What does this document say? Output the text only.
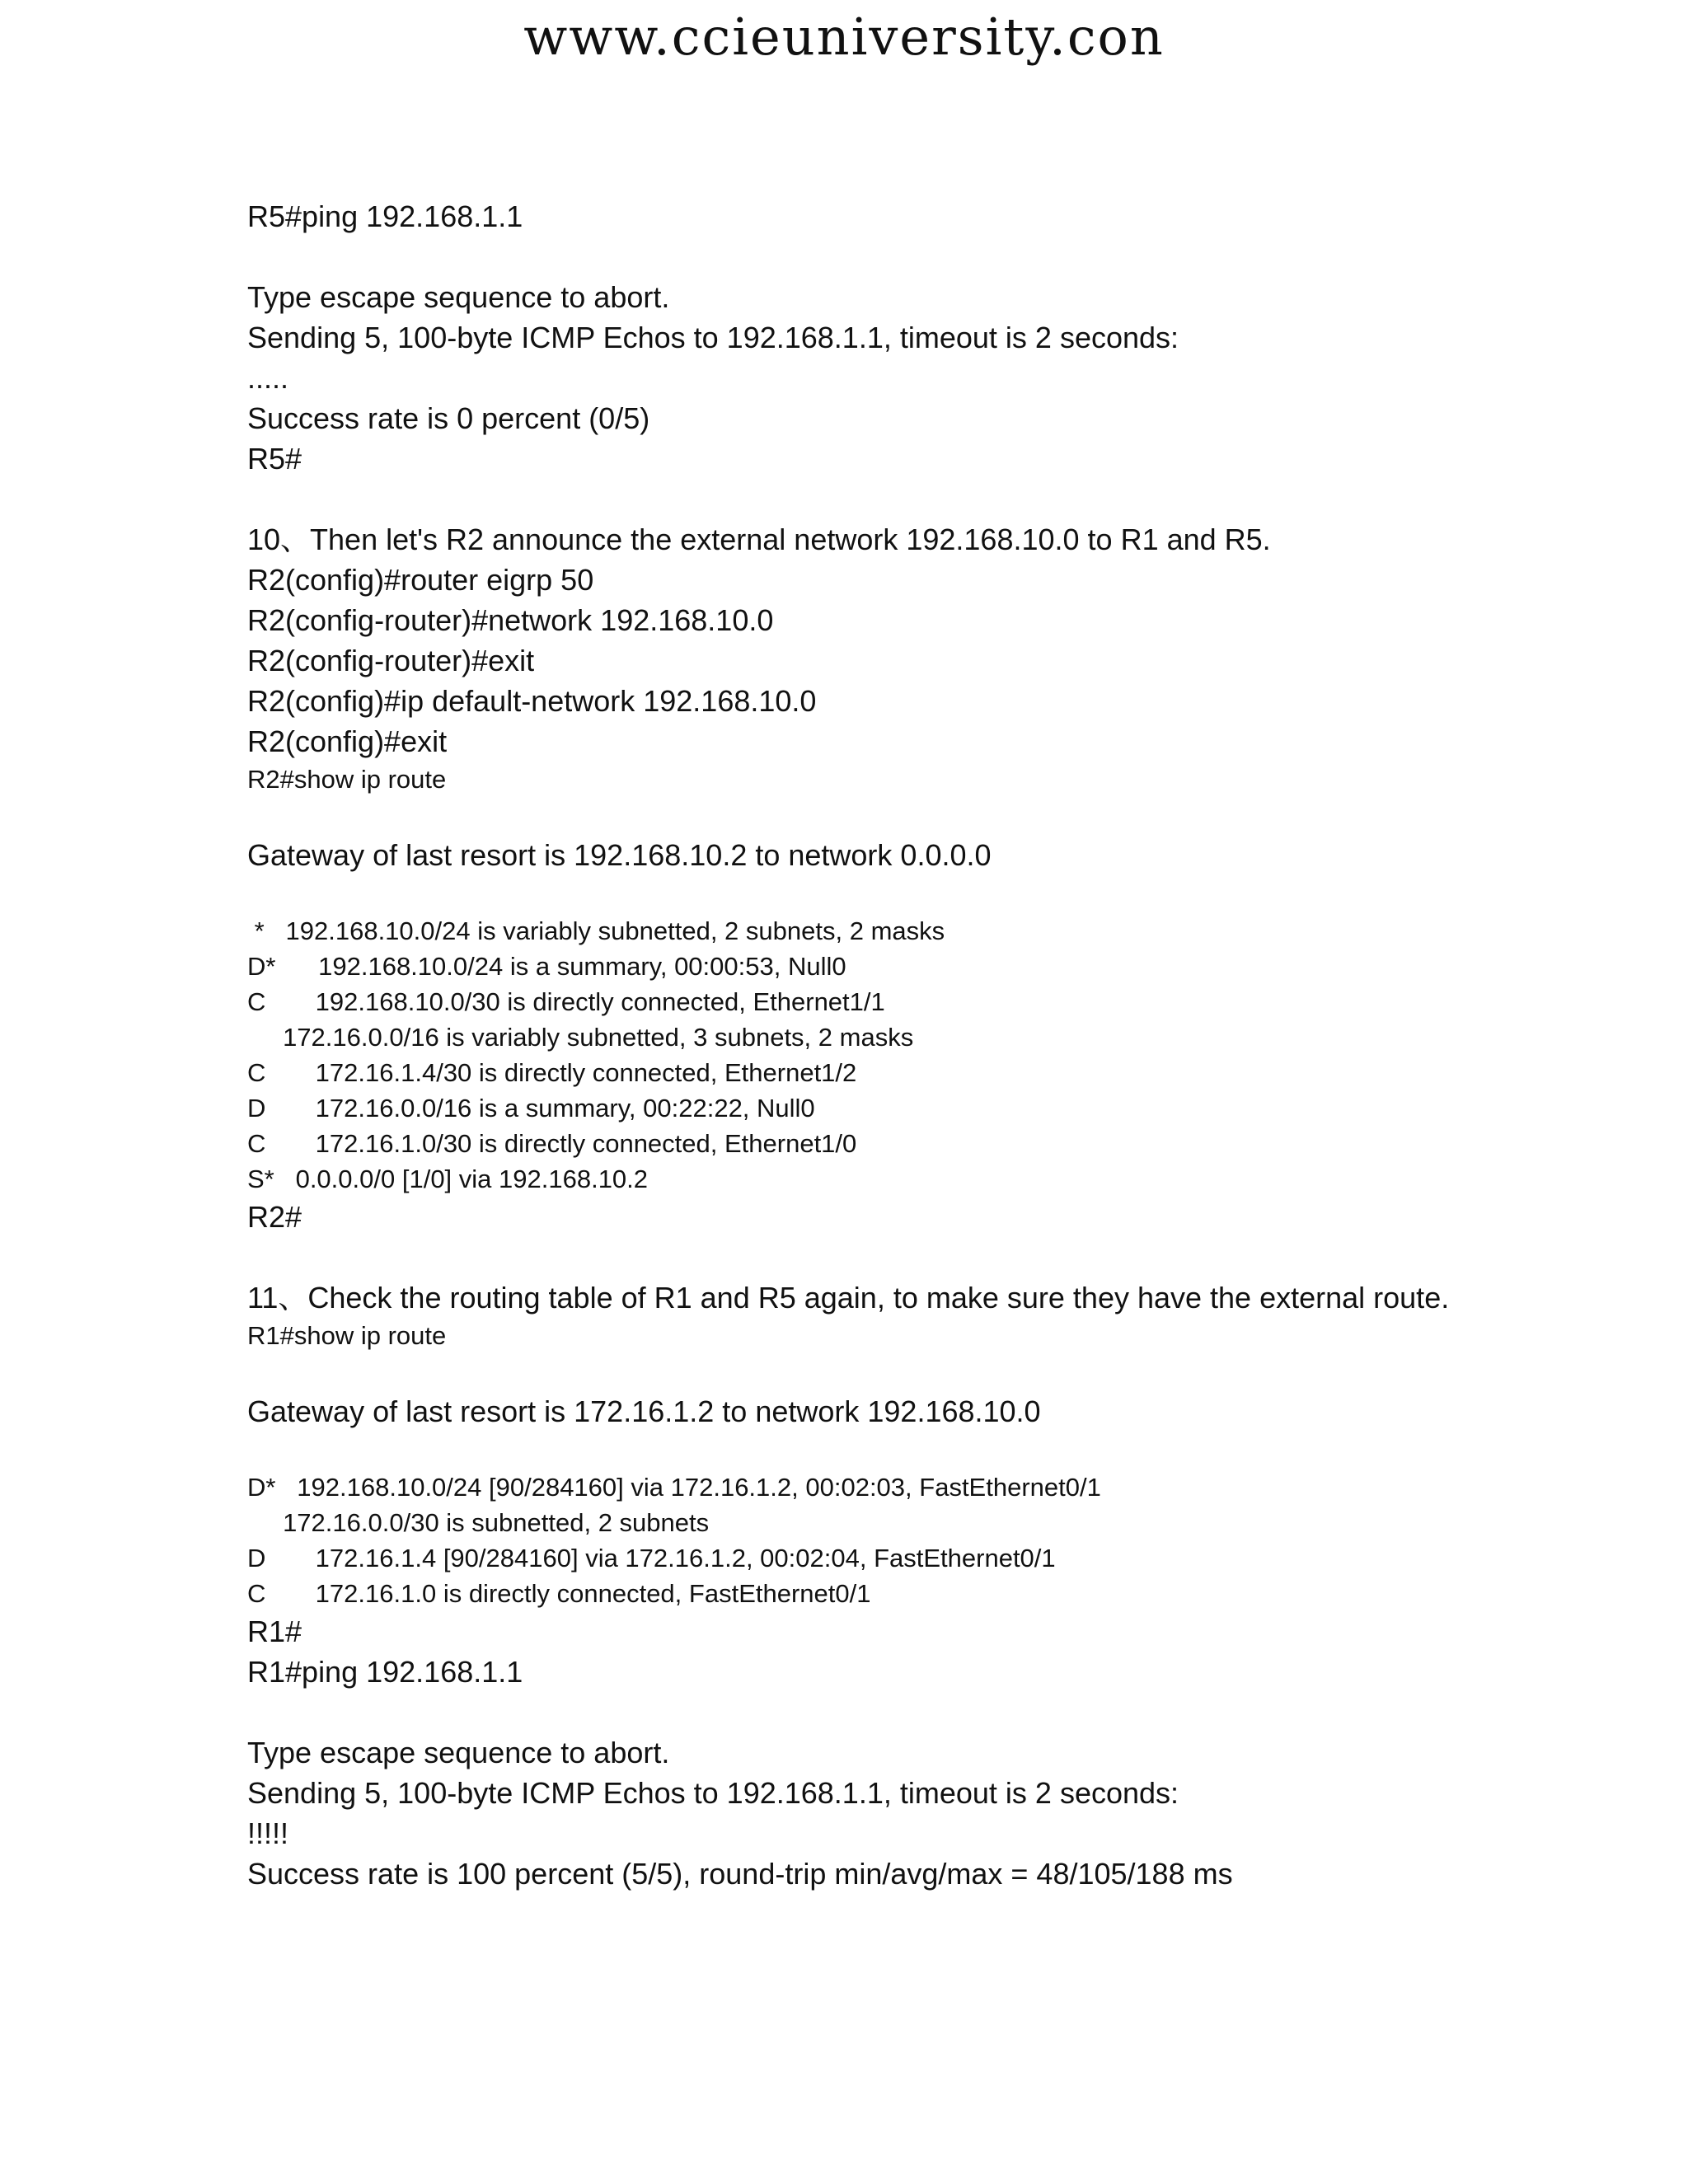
www.ccieuniversity.con
R5#ping 192.168.1.1
Type escape sequence to abort.
Sending 5, 100-byte ICMP Echos to 192.168.1.1, timeout is 2 seconds:
.....
Success rate is 0 percent (0/5)
R5#
10、Then let's R2 announce the external network 192.168.10.0 to R1 and R5.
R2(config)#router eigrp 50
R2(config-router)#network 192.168.10.0
R2(config-router)#exit
R2(config)#ip default-network 192.168.10.0
R2(config)#exit
R2#show ip route
Gateway of last resort is 192.168.10.2 to network 0.0.0.0
*   192.168.10.0/24 is variably subnetted, 2 subnets, 2 masks
D*      192.168.10.0/24 is a summary, 00:00:53, Null0
C       192.168.10.0/30 is directly connected, Ethernet1/1
172.16.0.0/16 is variably subnetted, 3 subnets, 2 masks
C       172.16.1.4/30 is directly connected, Ethernet1/2
D       172.16.0.0/16 is a summary, 00:22:22, Null0
C       172.16.1.0/30 is directly connected, Ethernet1/0
S*   0.0.0.0/0 [1/0] via 192.168.10.2
R2#
11、Check the routing table of R1 and R5 again, to make sure they have the external route.
R1#show ip route
Gateway of last resort is 172.16.1.2 to network 192.168.10.0
D*   192.168.10.0/24 [90/284160] via 172.16.1.2, 00:02:03, FastEthernet0/1
172.16.0.0/30 is subnetted, 2 subnets
D       172.16.1.4 [90/284160] via 172.16.1.2, 00:02:04, FastEthernet0/1
C       172.16.1.0 is directly connected, FastEthernet0/1
R1#
R1#ping 192.168.1.1
Type escape sequence to abort.
Sending 5, 100-byte ICMP Echos to 192.168.1.1, timeout is 2 seconds:
!!!!!
Success rate is 100 percent (5/5), round-trip min/avg/max = 48/105/188 ms
